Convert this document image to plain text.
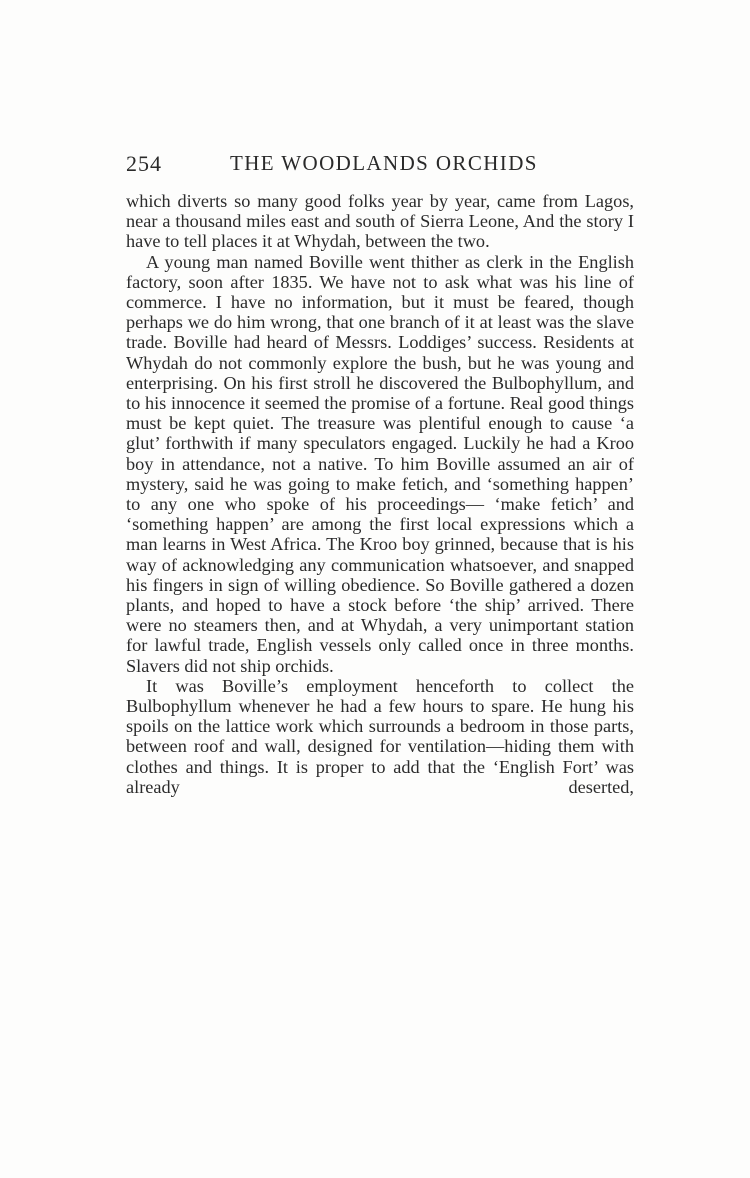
254	THE WOODLANDS ORCHIDS

which diverts so many good folks year by year, came from Lagos, near a thousand miles east and south of Sierra Leone, And the story I have to tell places it at Whydah, between the two.

A young man named Boville went thither as clerk in the English factory, soon after 1835. We have not to ask what was his line of commerce. I have no information, but it must be feared, though perhaps we do him wrong, that one branch of it at least was the slave trade. Boville had heard of Messrs. Loddiges’ success. Residents at Whydah do not commonly explore the bush, but he was young and enterprising. On his first stroll he discovered the Bulbophyllum, and to his innocence it seemed the promise of a fortune. Real good things must be kept quiet. The treasure was plentiful enough to cause ‘a glut’ forthwith if many speculators engaged. Luckily he had a Kroo boy in attendance, not a native. To him Boville assumed an air of mystery, said he was going to make fetich, and ‘something happen’ to any one who spoke of his proceedings— ‘make fetich’ and ‘something happen’ are among the first local expressions which a man learns in West Africa. The Kroo boy grinned, because that is his way of acknowledging any communication whatsoever, and snapped his fingers in sign of willing obedience. So Boville gathered a dozen plants, and hoped to have a stock before ‘the ship’ arrived. There were no steamers then, and at Whydah, a very unimportant station for lawful trade, English vessels only called once in three months. Slavers did not ship orchids.

It was Boville’s employment henceforth to collect the Bulbophyllum whenever he had a few hours to spare. He hung his spoils on the lattice work which surrounds a bedroom in those parts, between roof and wall, designed for ventilation—hiding them with clothes and things. It is proper to add that the ‘English Fort’ was already deserted,
